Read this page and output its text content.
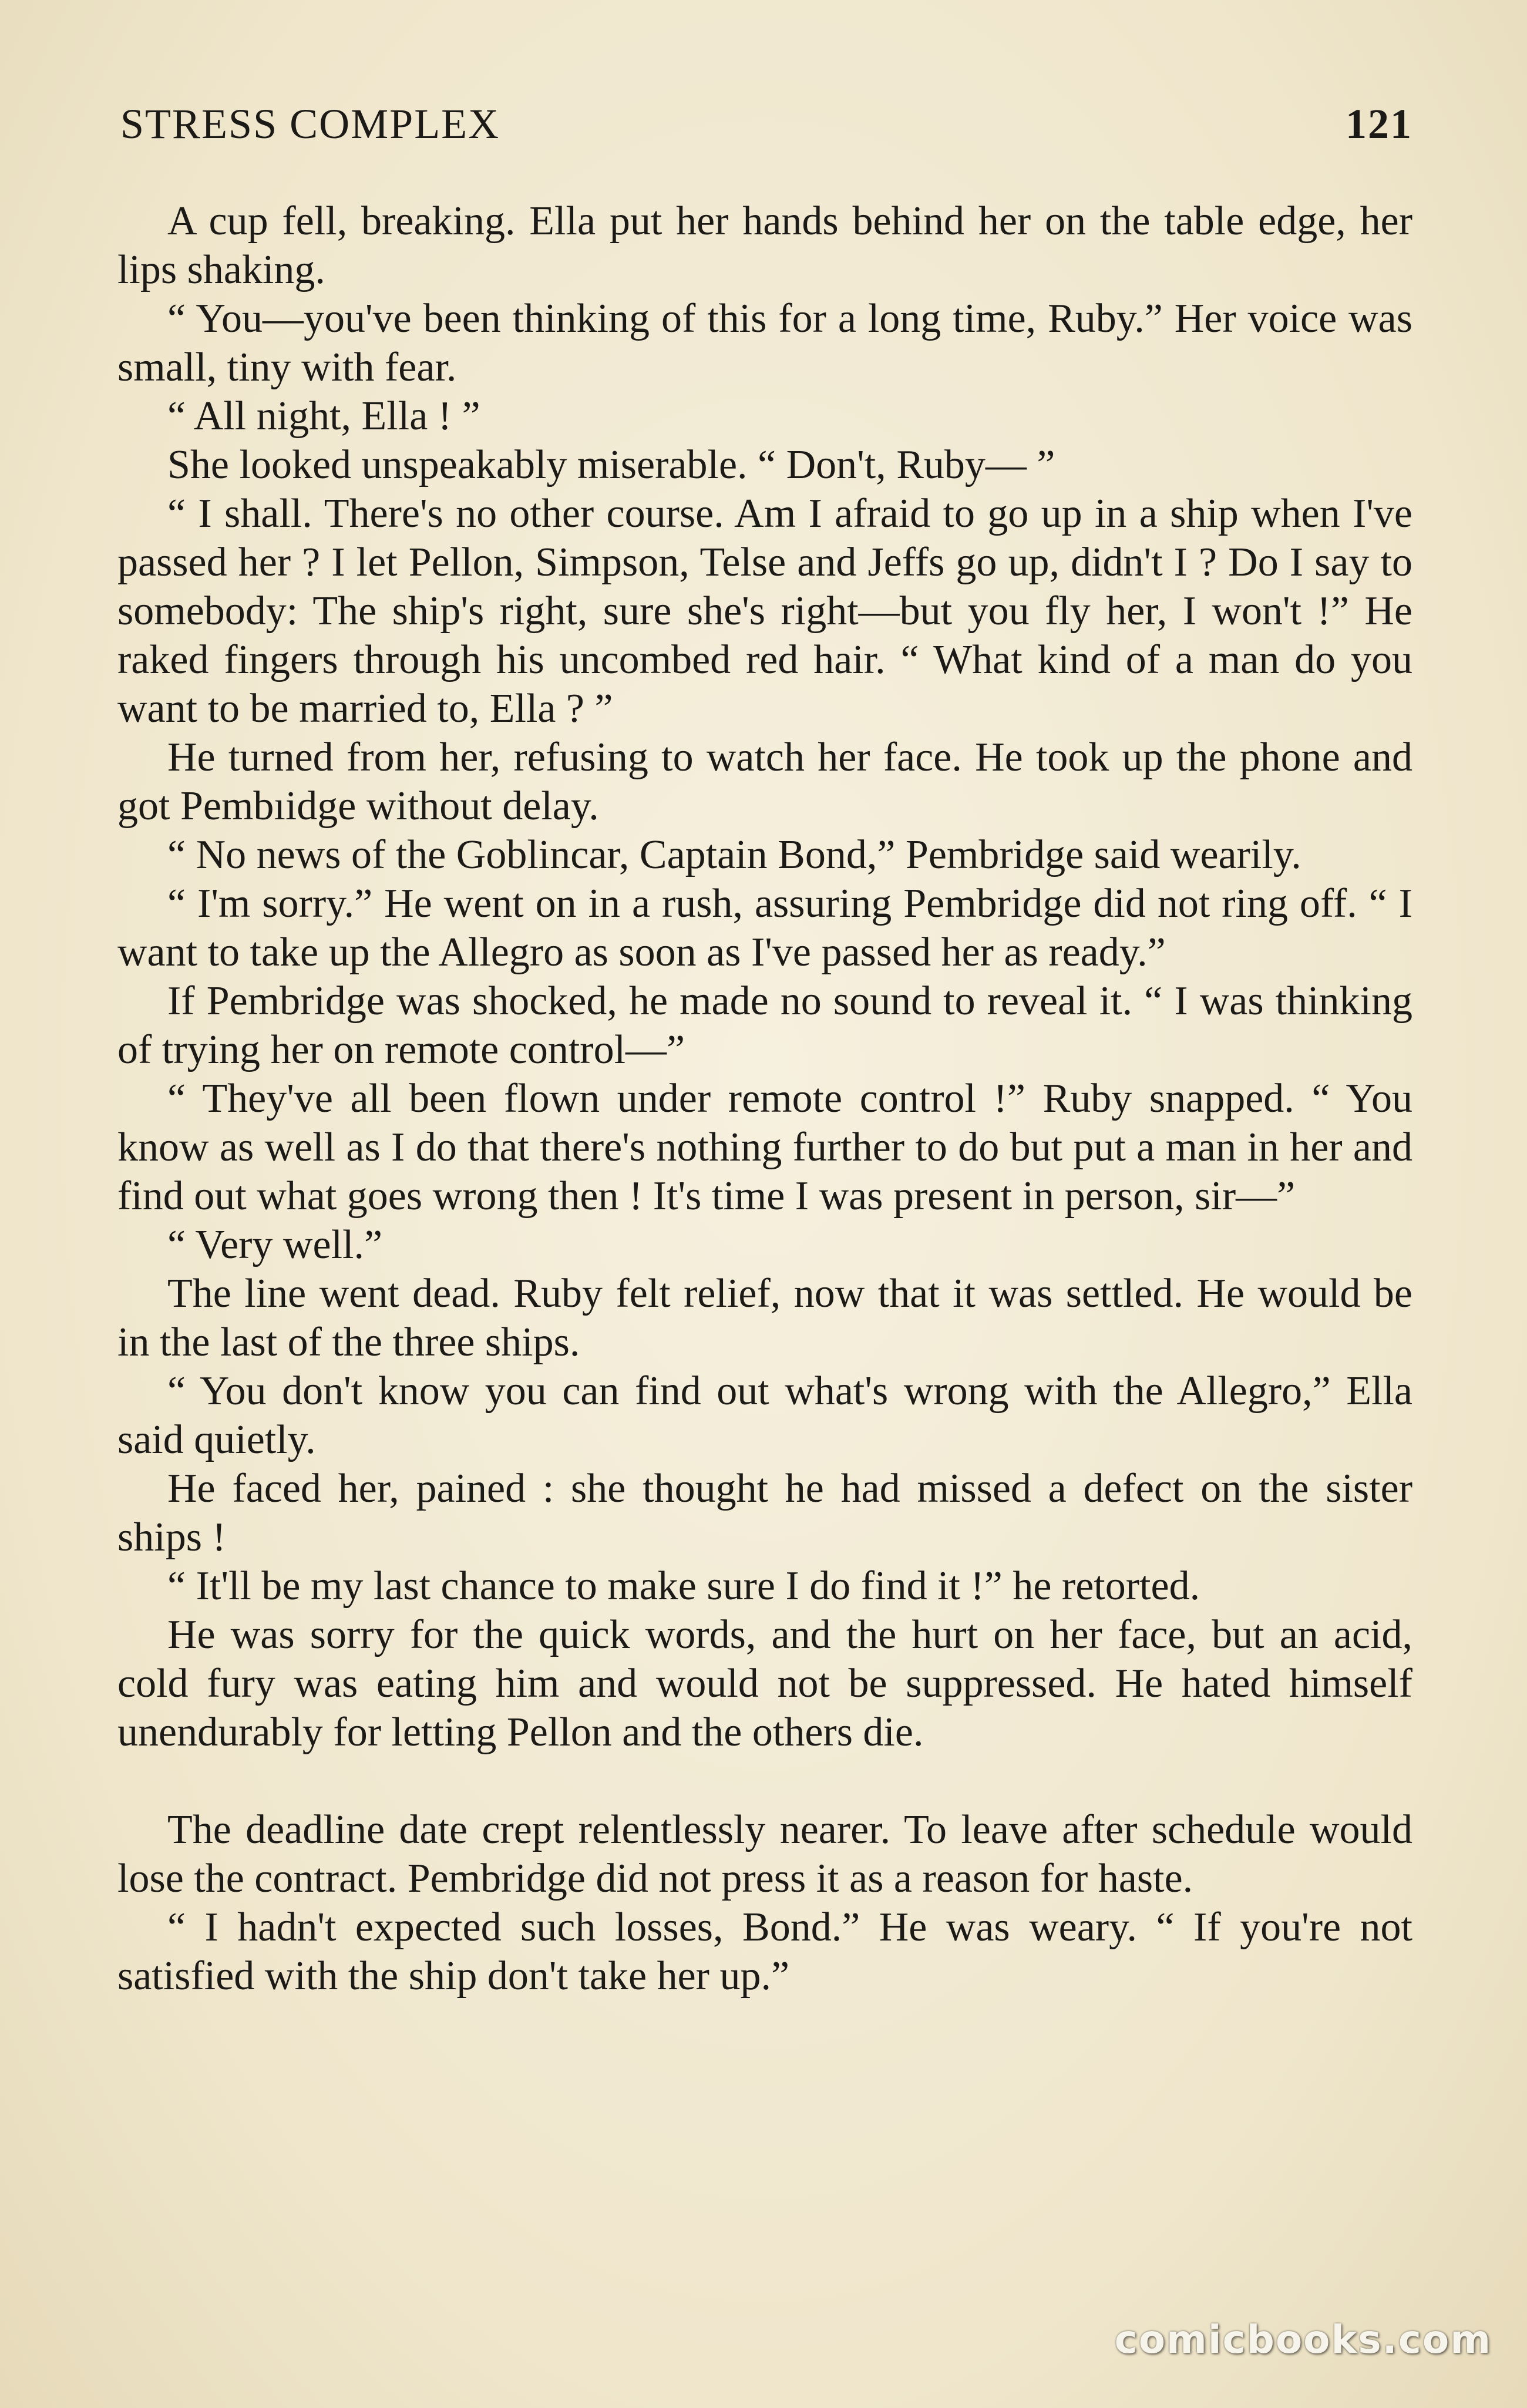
STRESS COMPLEX	121

A cup fell, breaking. Ella put her hands behind her on the table edge, her lips shaking.

“ You—you've been thinking of this for a long time, Ruby.” Her voice was small, tiny with fear.

“ All night, Ella ! ”

She looked unspeakably miserable. “ Don't, Ruby— ”

“ I shall. There's no other course. Am I afraid to go up in a ship when I've passed her ? I let Pellon, Simpson, Telse and Jeffs go up, didn't I ? Do I say to somebody: The ship's right, sure she's right—but you fly her, I won't !” He raked fingers through his uncombed red hair. “ What kind of a man do you want to be married to, Ella ? ”

He turned from her, refusing to watch her face. He took up the phone and got Pembıidge without delay.

“ No news of the Goblincar, Captain Bond,” Pembridge said wearily.

“ I'm sorry.” He went on in a rush, assuring Pembridge did not ring off. “ I want to take up the Allegro as soon as I've passed her as ready.”

If Pembridge was shocked, he made no sound to reveal it. “ I was thinking of trying her on remote control—”

“ They've all been flown under remote control !” Ruby snapped. “ You know as well as I do that there's nothing further to do but put a man in her and find out what goes wrong then ! It's time I was present in person, sir—”

“ Very well.”

The line went dead. Ruby felt relief, now that it was settled. He would be in the last of the three ships.

“ You don't know you can find out what's wrong with the Allegro,” Ella said quietly.

He faced her, pained : she thought he had missed a defect on the sister ships !

“ It'll be my last chance to make sure I do find it !” he retorted.

He was sorry for the quick words, and the hurt on her face, but an acid, cold fury was eating him and would not be suppressed. He hated himself unendurably for letting Pellon and the others die.

The deadline date crept relentlessly nearer. To leave after schedule would lose the contract. Pembridge did not press it as a reason for haste.

“ I hadn't expected such losses, Bond.” He was weary. “ If you're not satisfied with the ship don't take her up.”

comicbooks.com
